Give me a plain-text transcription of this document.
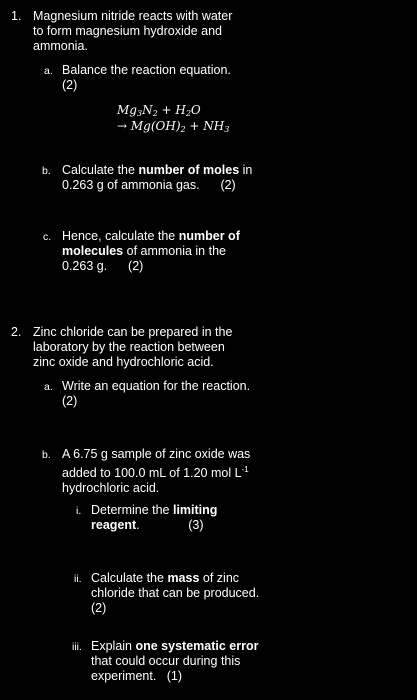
1. Magnesium nitride reacts with water to form magnesium hydroxide and ammonia.
a. Balance the reaction equation.
(2)
$Mg_3N_2 + H_2O$
→ $Mg(OH)_2 + NH_3$
b. Calculate the number of moles in 0.263 g of ammonia gas. (2)
c. Hence, calculate the number of molecules of ammonia in the 0.263 g. (2)
2. Zinc chloride can be prepared in the laboratory by the reaction between zinc oxide and hydrochloric acid.
a. Write an equation for the reaction.
(2)
b. A 6.75 g sample of zinc oxide was added to 100.0 mL of 1.20 mol $L^{-1}$ hydrochloric acid.
i. Determine the limiting reagent.	(3)
ii. Calculate the mass of zinc chloride that can be produced.
(2)
iii. Explain one systematic error that could occur during this experiment. (1)
